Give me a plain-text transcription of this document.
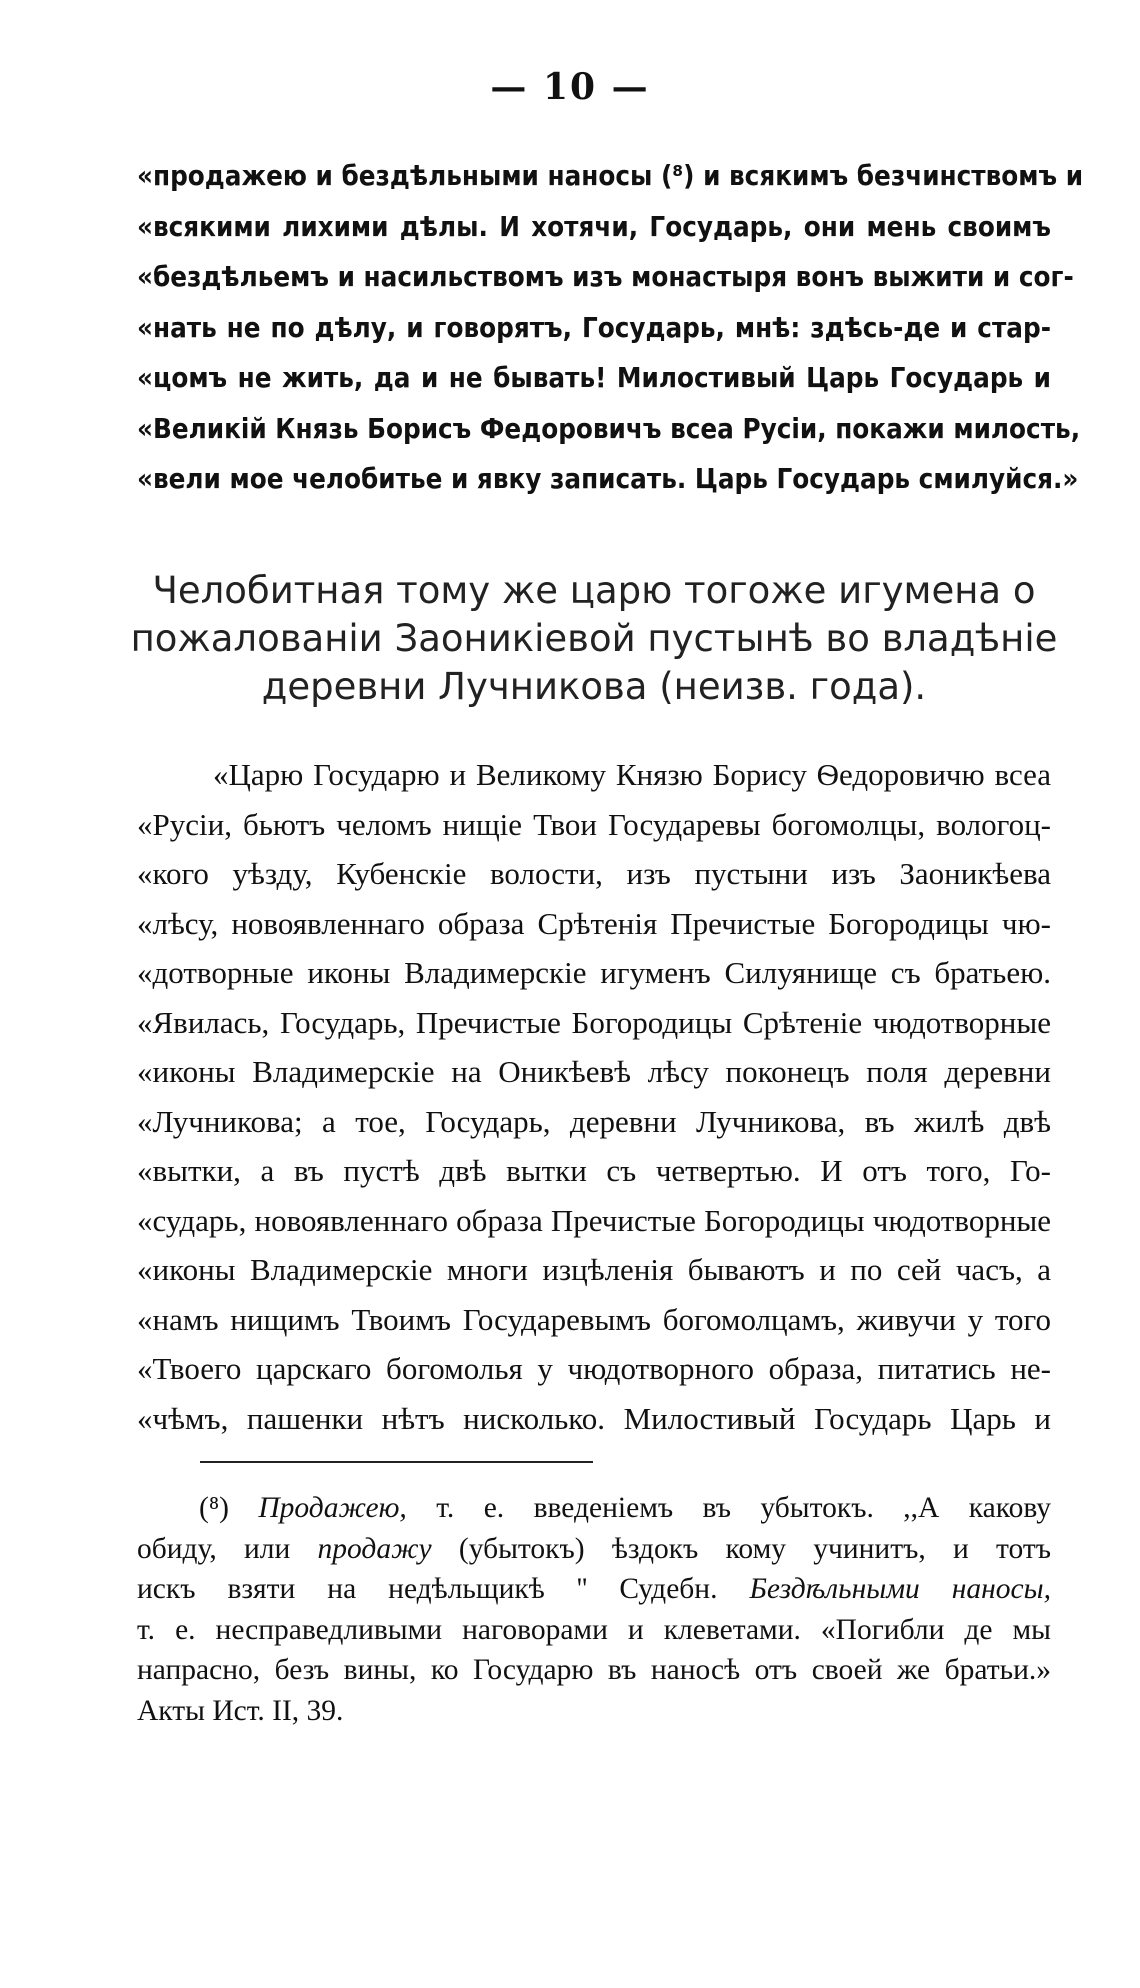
— 10 —
«продажею и бездѣльными наносы (⁸) и всякимъ безчинствомъ и
«всякими лихими дѣлы. И хотячи, Государь, они мень своимъ
«бездѣльемъ и насильствомъ изъ монастыря вонъ выжити и сог-
«нать не по дѣлу, и говорятъ, Государь, мнѣ: здѣсь-де и стар-
«цомъ не жить, да и не бывать! Милостивый Царь Государь и
«Великій Князь Борисъ Федоровичъ всеа Русіи, покажи милость,
«вели мое челобитье и явку записать. Царь Государь смилуйся.»
Челобитная тому же царю тогоже игумена о
пожалованіи Заоникіевой пустынѣ во владѣніе
деревни Лучникова (неизв. года).
«Царю Государю и Великому Князю Борису Ѳедоровичю всеа
«Русіи, бьютъ челомъ нищіе Твои Государевы богомолцы, вологоц-
«кого уѣзду, Кубенскіе волости, изъ пустыни изъ Заоникѣева
«лѣсу, новоявленнаго образа Срѣтенія Пречистые Богородицы чю-
«дотворные иконы Владимерскіе игуменъ Силуянище съ братьею.
«Явилась, Государь, Пречистые Богородицы Срѣтеніе чюдотворные
«иконы Владимерскіе на Оникѣевѣ лѣсу поконецъ поля деревни
«Лучникова; а тое, Государь, деревни Лучникова, въ жилѣ двѣ
«вытки, а въ пустѣ двѣ вытки съ четвертью. И отъ того, Го-
«сударь, новоявленнаго образа Пречистые Богородицы чюдотворные
«иконы Владимерскіе многи изцѣленія бываютъ и по сей часъ, а
«намъ нищимъ Твоимъ Государевымъ богомолцамъ, живучи у того
«Твоего царскаго богомолья у чюдотворного образа, питатись не-
«чѣмъ, пашенки нѣтъ нисколько. Милостивый Государь Царь и
(⁸) Продажею, т. е. введеніемъ въ убытокъ. ,,А какову
обиду, или продажу (убытокъ) ѣздокъ кому учинитъ, и тотъ
искъ взяти на недѣльщикѣ '' Судебн. Бездѣльными наносы,
т. е. несправедливыми наговорами и клеветами. «Погибли де мы
напрасно, безъ вины, ко Государю въ наносѣ отъ своей же братьи.»
Акты Ист. II, 39.
